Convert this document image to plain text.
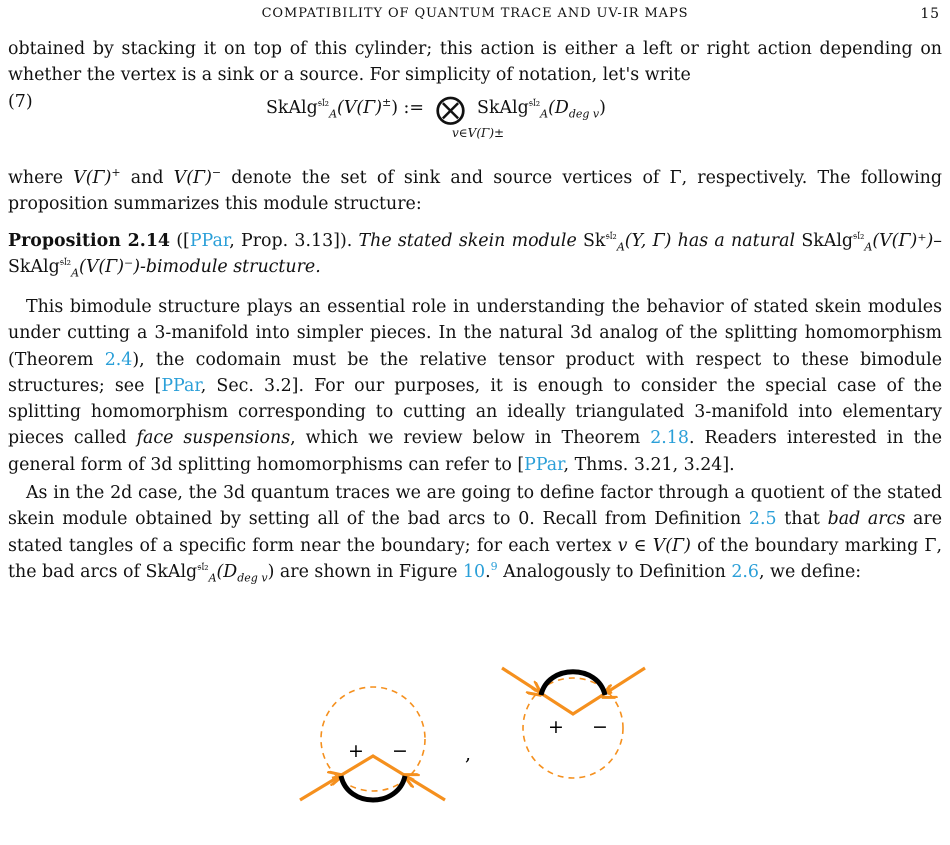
COMPATIBILITY OF QUANTUM TRACE AND UV-IR MAPS	15

obtained by stacking it on top of this cylinder; this action is either a left or right action depending on whether the vertex is a sink or a source. For simplicity of notation, let's write

(7)	SkAlg$^{𝔰𝔩_2}_A$(V(Γ)±) := ⨂ $SkAlg^{𝔰𝔩_2}_A(D_{deg v})$
v∈V(Γ)±

where V(Γ)+ and V(Γ)− denote the set of sink and source vertices of Γ, respectively. The following proposition summarizes this module structure:

Proposition 2.14 ([PPar, Prop. 3.13]). The stated skein module $Sk^{𝔰𝔩_2}_A(Y$, Γ) has a natural SkAlg$^{𝔰𝔩_2}_A$(V(Γ)⁺)–SkAlg$^{𝔰𝔩_2}_A$(V(Γ)⁻)-bimodule structure.

This bimodule structure plays an essential role in understanding the behavior of stated skein modules under cutting a 3-manifold into simpler pieces. In the natural 3d analog of the splitting homomorphism (Theorem 2.4), the codomain must be the relative tensor product with respect to these bimodule structures; see [PPar, Sec. 3.2]. For our purposes, it is enough to consider the special case of the splitting homomorphism corresponding to cutting an ideally triangulated 3-manifold into elementary pieces called face suspensions, which we review below in Theorem 2.18. Readers interested in the general form of 3d splitting homomorphisms can refer to [PPar, Thms. 3.21, 3.24].

As in the 2d case, the 3d quantum traces we are going to define factor through a quotient of the stated skein module obtained by setting all of the bad arcs to 0. Recall from Definition 2.5 that bad arcs are stated tangles of a specific form near the boundary; for each vertex v ∈ V(Γ) of the boundary marking Γ, the bad arcs of $SkAlg^{𝔰𝔩_2}_A(D_{deg v})$ are shown in Figure 10.$^9$ Analogously to Definition 2.6, we define:

+ −	,
+ −
